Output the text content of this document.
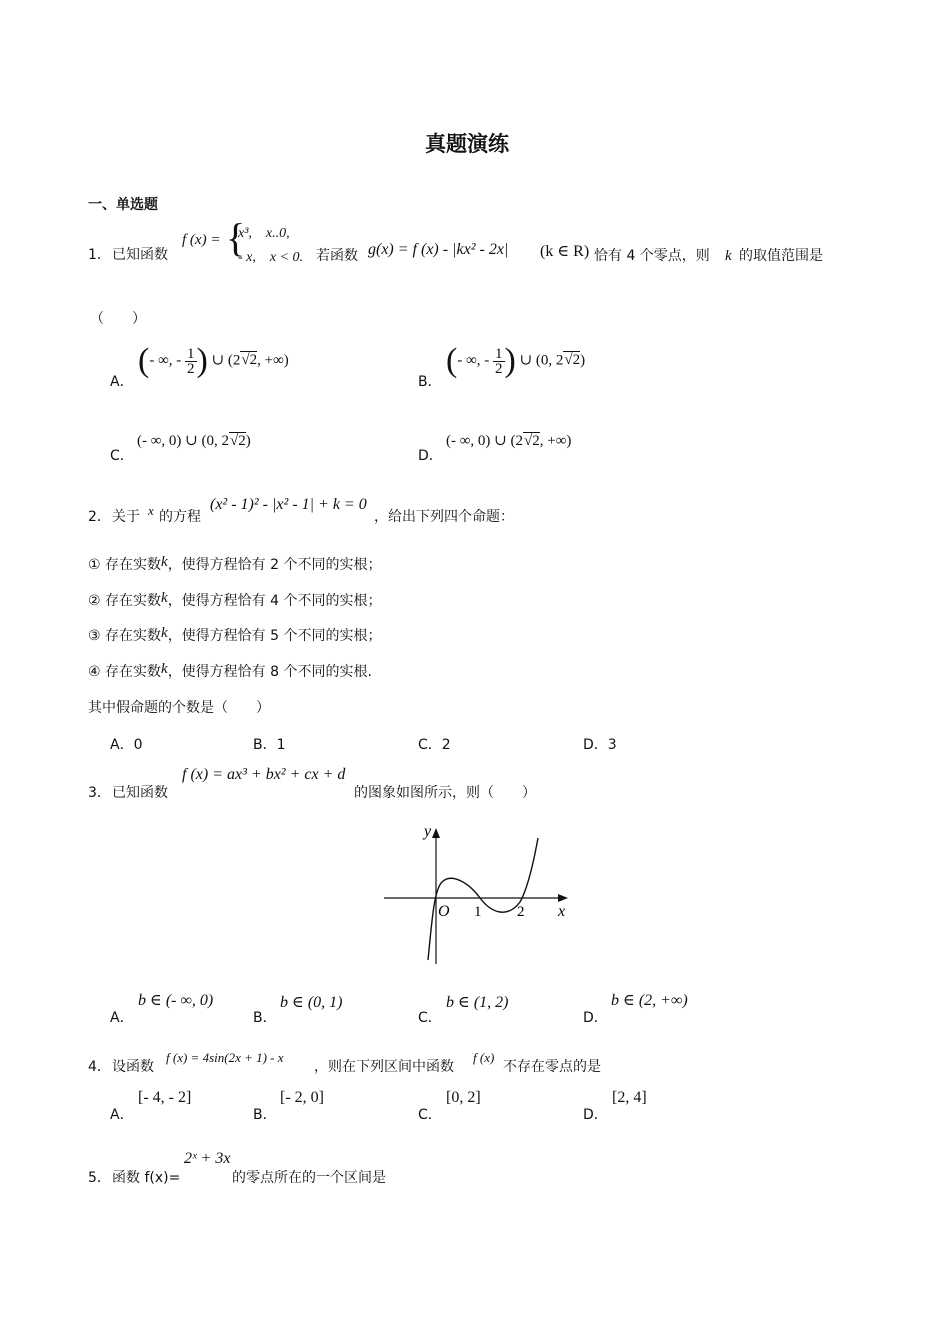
真题演练
一、单选题
1． 已知函数
f (x) = {
x³,　x..0,
- x,　x < 0. 若函数 g(x) = f (x) - |kx² - 2x| (k ∈ R) 恰有 4 个零点，则 k 的取值范围是
（　　）
A．
(- ∞, - $\frac{1}{2}$ ) ∪ (2√2, +∞)
B．
(- ∞, - $\frac{1}{2}$ ) ∪ (0, 2√2)
C．
(- ∞, 0) ∪ (0, 2√2)
D．
(- ∞, 0) ∪ (2√2, +∞)
2． 关于 x 的方程
(x² - 1)² - |x² - 1| + k = 0
，给出下列四个命题：
① 存在实数k，使得方程恰有 2 个不同的实根；
② 存在实数k，使得方程恰有 4 个不同的实根；
③ 存在实数k，使得方程恰有 5 个不同的实根；
④ 存在实数k，使得方程恰有 8 个不同的实根.
其中假命题的个数是（　　）
A．0	B．1	C．2	D．3
3． 已知函数
f (x) = ax³ + bx² + cx + d
的图象如图所示，则（　　）
y
x
O 1 2
A．
b ∈ (- ∞, 0)
B．
b ∈ (0, 1)
C．
b ∈ (1, 2)
D．
b ∈ (2, +∞)
4． 设函数
f (x) = 4sin(2x + 1) - x
，则在下列区间中函数
f (x)
不存在零点的是
A．
[- 4, - 2]
B．
[- 2, 0]
C．
[0, 2]
D．
[2, 4]
5． 函数 f(x)=
2ˣ + 3x
的零点所在的一个区间是
